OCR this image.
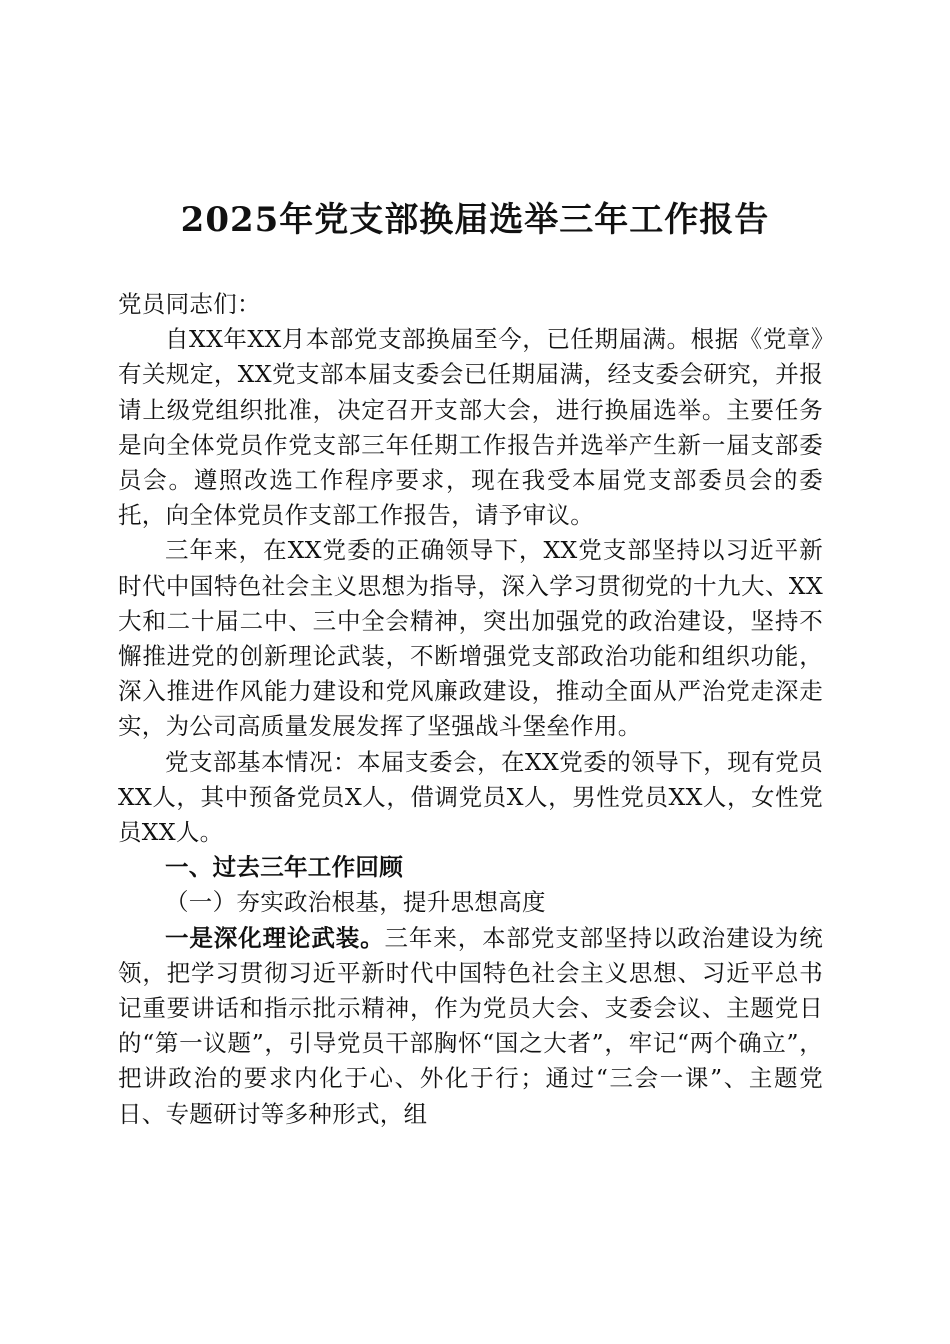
2025年党支部换届选举三年工作报告

党员同志们：

自XX年XX月本部党支部换届至今，已任期届满。根据《党章》有关规定，XX党支部本届支委会已任期届满，经支委会研究，并报请上级党组织批准，决定召开支部大会，进行换届选举。主要任务是向全体党员作党支部三年任期工作报告并选举产生新一届支部委员会。遵照改选工作程序要求，现在我受本届党支部委员会的委托，向全体党员作支部工作报告，请予审议。

三年来，在XX党委的正确领导下，XX党支部坚持以习近平新时代中国特色社会主义思想为指导，深入学习贯彻党的十九大、XX大和二十届二中、三中全会精神，突出加强党的政治建设，坚持不懈推进党的创新理论武装，不断增强党支部政治功能和组织功能，深入推进作风能力建设和党风廉政建设，推动全面从严治党走深走实，为公司高质量发展发挥了坚强战斗堡垒作用。

党支部基本情况：本届支委会，在XX党委的领导下，现有党员XX人，其中预备党员X人，借调党员X人，男性党员XX人，女性党员XX人。

一、过去三年工作回顾

（一）夯实政治根基，提升思想高度

一是深化理论武装。三年来，本部党支部坚持以政治建设为统领，把学习贯彻习近平新时代中国特色社会主义思想、习近平总书记重要讲话和指示批示精神，作为党员大会、支委会议、主题党日的“第一议题”，引导党员干部胸怀“国之大者”，牢记“两个确立”，把讲政治的要求内化于心、外化于行；通过“三会一课”、主题党日、专题研讨等多种形式，组
